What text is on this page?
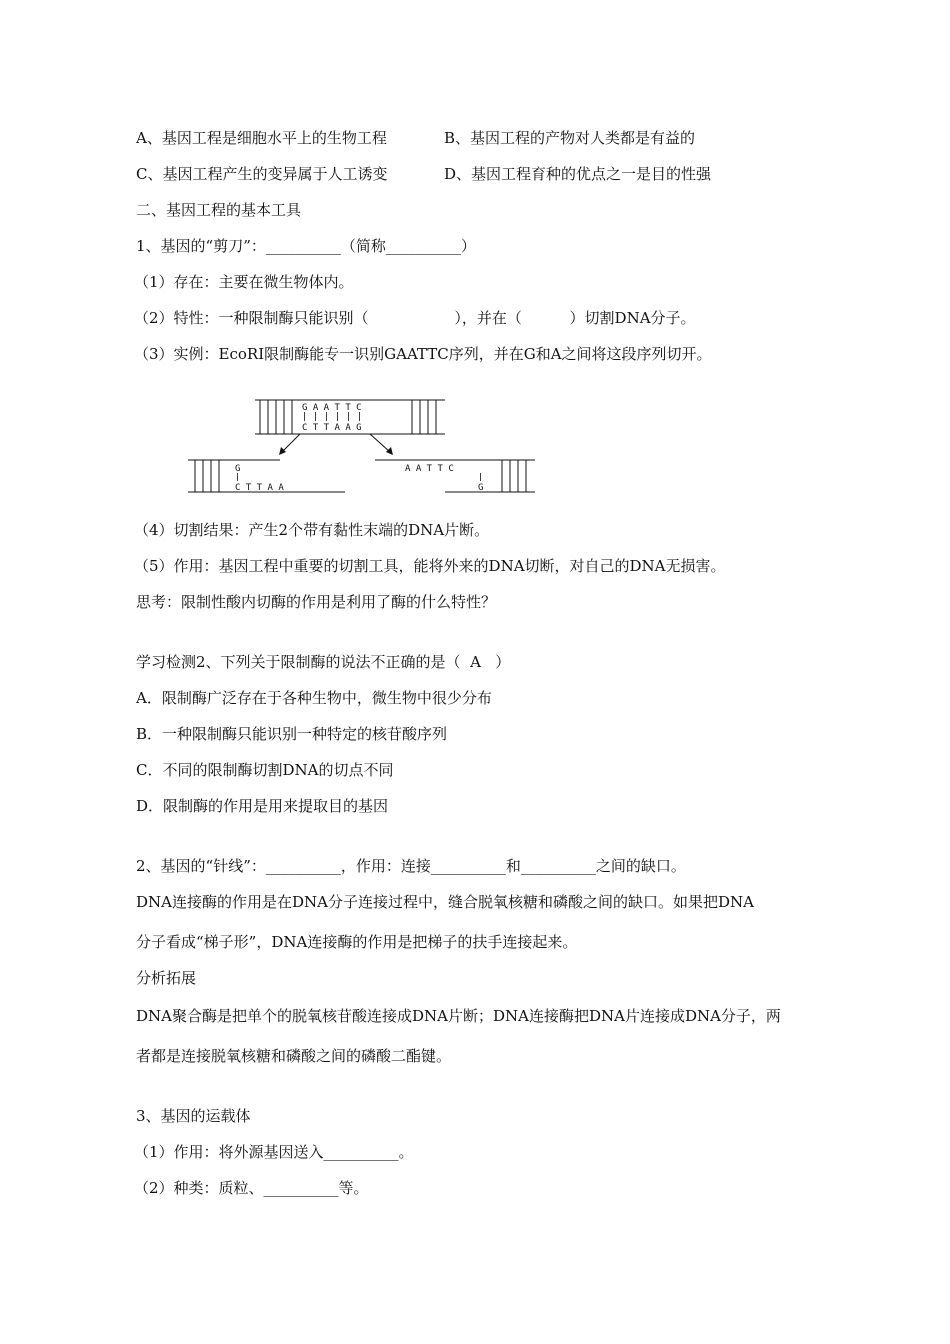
A、基因工程是细胞水平上的生物工程	B、基因工程的产物对人类都是有益的
C、基因工程产生的变异属于人工诱变	D、基因工程育种的优点之一是目的性强
二、基因工程的基本工具
1、基因的“剪刀”：__________（简称__________）
（1）存在：主要在微生物体内。
（2）特性：一种限制酶只能识别（                  ），并在（          ）切割DNA分子。
（3）实例：EcoRI限制酶能专一识别GAATTC序列，并在G和A之间将这段序列切开。
G A A T T C
C T T A A G
G
C T T A A
A A T T C
G
（4）切割结果：产生2个带有黏性末端的DNA片断。
（5）作用：基因工程中重要的切割工具，能将外来的DNA切断，对自己的DNA无损害。
思考：限制性酸内切酶的作用是利用了酶的什么特性？
学习检测2、下列关于限制酶的说法不正确的是（  A   ）
A．限制酶广泛存在于各种生物中，微生物中很少分布
B．一种限制酶只能识别一种特定的核苷酸序列
C．不同的限制酶切割DNA的切点不同
D．限制酶的作用是用来提取目的基因
2、基因的“针线”：__________，作用：连接__________和__________之间的缺口。
DNA连接酶的作用是在DNA分子连接过程中，缝合脱氧核糖和磷酸之间的缺口。如果把DNA
分子看成“梯子形”，DNA连接酶的作用是把梯子的扶手连接起来。
分析拓展
DNA聚合酶是把单个的脱氧核苷酸连接成DNA片断；DNA连接酶把DNA片连接成DNA分子，两
者都是连接脱氧核糖和磷酸之间的磷酸二酯键。
3、基因的运载体
（1）作用：将外源基因送入__________。
（2）种类：质粒、__________等。
